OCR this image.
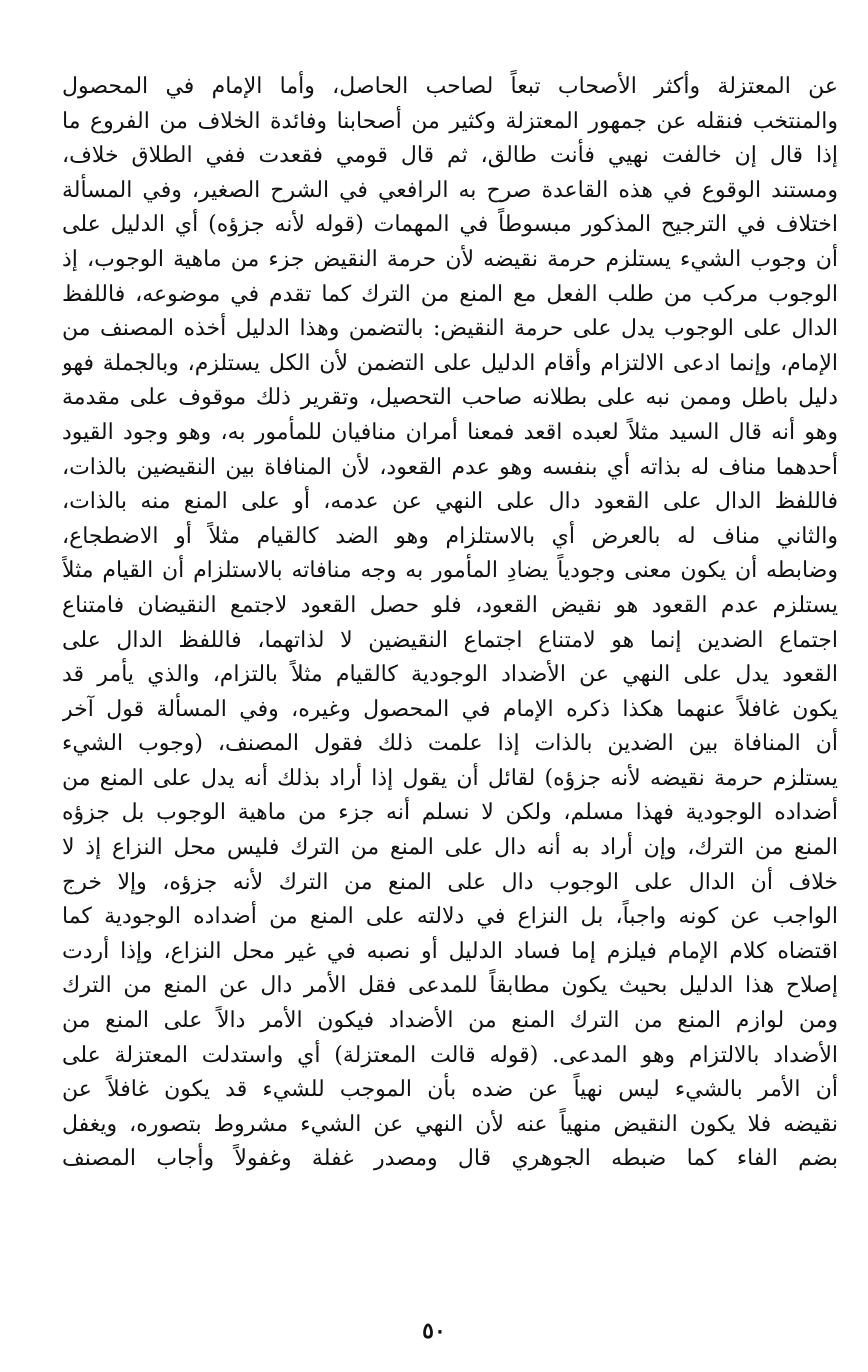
عن المعتزلة وأكثر الأصحاب تبعاً لصاحب الحاصل، وأما الإمام في المحصول
والمنتخب فنقله عن جمهور المعتزلة وكثير من أصحابنا وفائدة الخلاف من الفروع ما
إذا قال إن خالفت نهيي فأنت طالق، ثم قال قومي فقعدت ففي الطلاق خلاف،
ومستند الوقوع في هذه القاعدة صرح به الرافعي في الشرح الصغير، وفي المسألة
اختلاف في الترجيح المذكور مبسوطاً في المهمات (قوله لأنه جزؤه) أي الدليل على
أن وجوب الشيء يستلزم حرمة نقيضه لأن حرمة النقيض جزء من ماهية الوجوب، إذ
الوجوب مركب من طلب الفعل مع المنع من الترك كما تقدم في موضوعه، فاللفظ
الدال على الوجوب يدل على حرمة النقيض: بالتضمن وهذا الدليل أخذه المصنف من
الإمام، وإنما ادعى الالتزام وأقام الدليل على التضمن لأن الكل يستلزم، وبالجملة فهو
دليل باطل وممن نبه على بطلانه صاحب التحصيل، وتقرير ذلك موقوف على مقدمة
وهو أنه قال السيد مثلاً لعبده اقعد فمعنا أمران منافيان للمأمور به، وهو وجود القيود
أحدهما مناف له بذاته أي بنفسه وهو عدم القعود، لأن المنافاة بين النقيضين بالذات،
فاللفظ الدال على القعود دال على النهي عن عدمه، أو على المنع منه بالذات،
والثاني مناف له بالعرض أي بالاستلزام وهو الضد كالقيام مثلاً أو الاضطجاع،
وضابطه أن يكون معنى وجودياً يضادِ المأمور به وجه منافاته بالاستلزام أن القيام مثلاً
يستلزم عدم القعود هو نقيض القعود، فلو حصل القعود لاجتمع النقيضان فامتناع
اجتماع الضدين إنما هو لامتناع اجتماع النقيضين لا لذاتهما، فاللفظ الدال على
القعود يدل على النهي عن الأضداد الوجودية كالقيام مثلاً بالتزام، والذي يأمر قد
يكون غافلاً عنهما هكذا ذكره الإمام في المحصول وغيره، وفي المسألة قول آخر
أن المنافاة بين الضدين بالذات إذا علمت ذلك فقول المصنف، (وجوب الشيء
يستلزم حرمة نقيضه لأنه جزؤه) لقائل أن يقول إذا أراد بذلك أنه يدل على المنع من
أضداده الوجودية فهذا مسلم، ولكن لا نسلم أنه جزء من ماهية الوجوب بل جزؤه
المنع من الترك، وإن أراد به أنه دال على المنع من الترك فليس محل النزاع إذ لا
خلاف أن الدال على الوجوب دال على المنع من الترك لأنه جزؤه، وإلا خرج
الواجب عن كونه واجباً، بل النزاع في دلالته على المنع من أضداده الوجودية كما
اقتضاه كلام الإمام فيلزم إما فساد الدليل أو نصبه في غير محل النزاع، وإذا أردت
إصلاح هذا الدليل بحيث يكون مطابقاً للمدعى فقل الأمر دال عن المنع من الترك
ومن لوازم المنع من الترك المنع من الأضداد فيكون الأمر دالاً على المنع من
الأضداد بالالتزام وهو المدعى. (قوله قالت المعتزلة) أي واستدلت المعتزلة على
أن الأمر بالشيء ليس نهياً عن ضده بأن الموجب للشيء قد يكون غافلاً عن
نقيضه فلا يكون النقيض منهياً عنه لأن النهي عن الشيء مشروط بتصوره، ويغفل
بضم الفاء كما ضبطه الجوهري قال ومصدر غفلة وغفولاً وأجاب المصنف
٥٠
